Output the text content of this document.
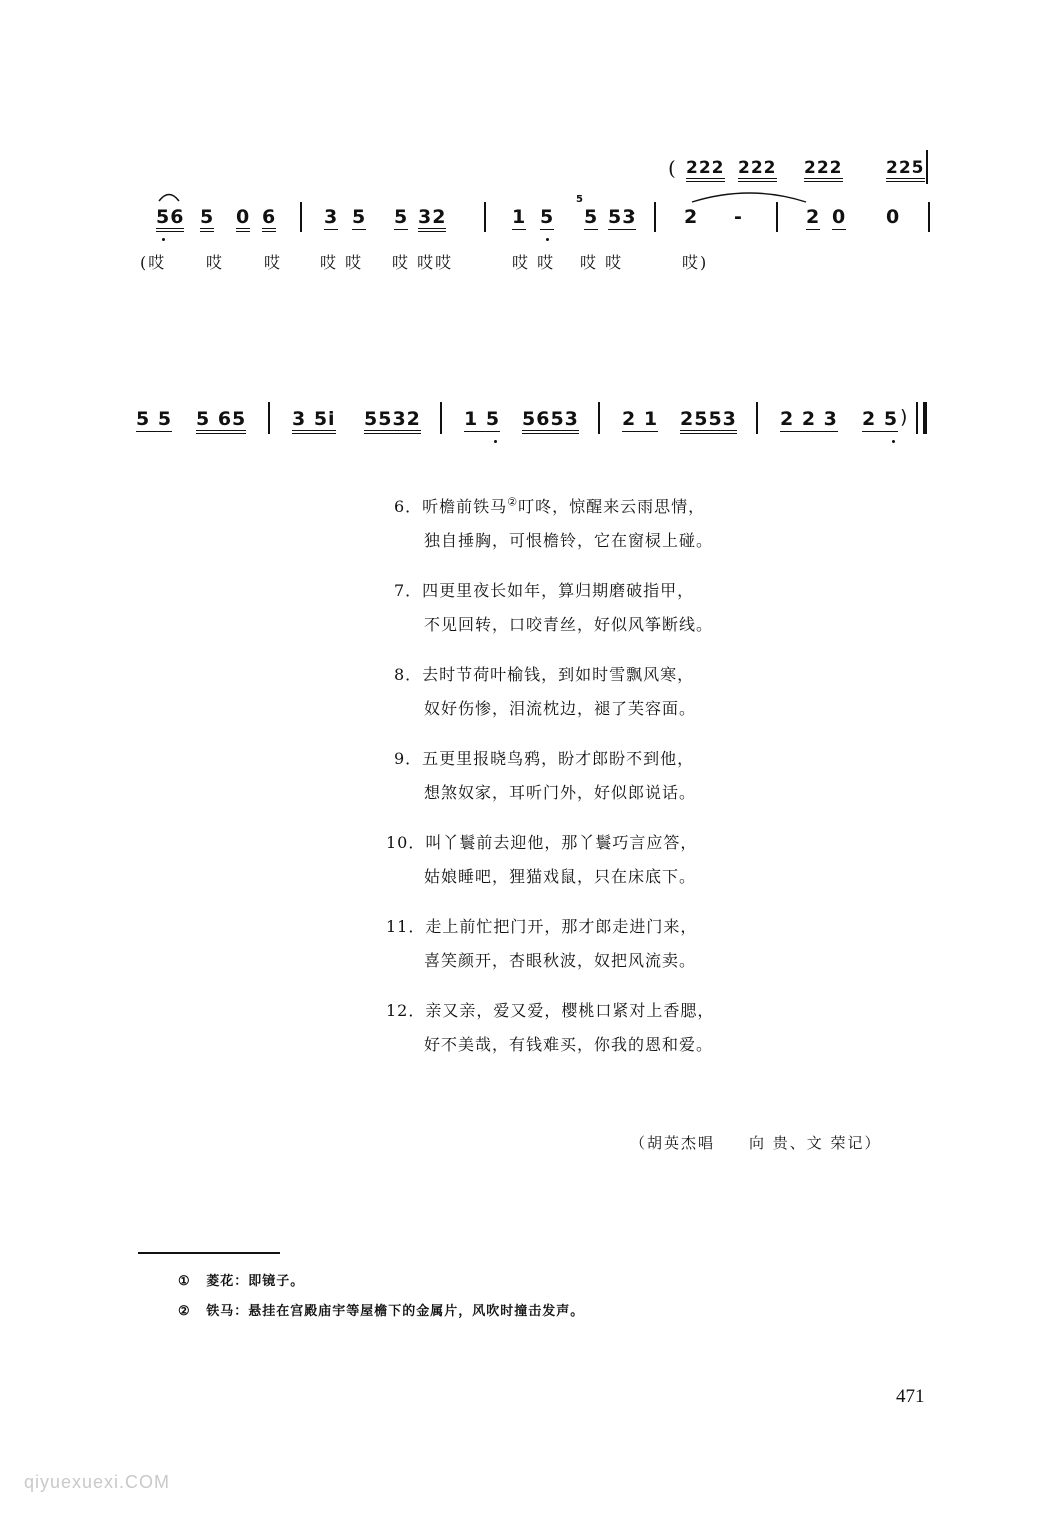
( 222 222 222	225
56 5 0 6	3 5 5 32	1 5
5
5 53
、 2 -	2 0 0
(哎 哎 哎 哎 哎 哎 哎哎	哎 哎 哎 哎	哎)
5 5 5 65 3 5i 5532 1 5 5653 2 1 2553 2 2 3 2 5 )
6．听檐前铁马②叮咚，惊醒来云雨思情，
独自捶胸，可恨檐铃，它在窗棂上碰。
7．四更里夜长如年，算归期磨破指甲，
不见回转，口咬青丝，好似风筝断线。
8．去时节荷叶榆钱，到如时雪飘风寒，
奴好伤惨，泪流枕边，褪了芙容面。
9．五更里报晓鸟鸦，盼才郎盼不到他，
想煞奴家，耳听门外，好似郎说话。
10．叫丫鬟前去迎他，那丫鬟巧言应答，
姑娘睡吧，狸猫戏鼠，只在床底下。
11．走上前忙把门开，那才郎走进门来，
喜笑颜开，杏眼秋波，奴把风流卖。
12．亲又亲，爱又爱，樱桃口紧对上香腮，
好不美哉，有钱难买，你我的恩和爱。
（胡英杰唱　　向 贵、文 荣记）
① 菱花：即镜子。
② 铁马：悬挂在宫殿庙宇等屋檐下的金属片，风吹时撞击发声。
471
qiyuexuexi.COM
